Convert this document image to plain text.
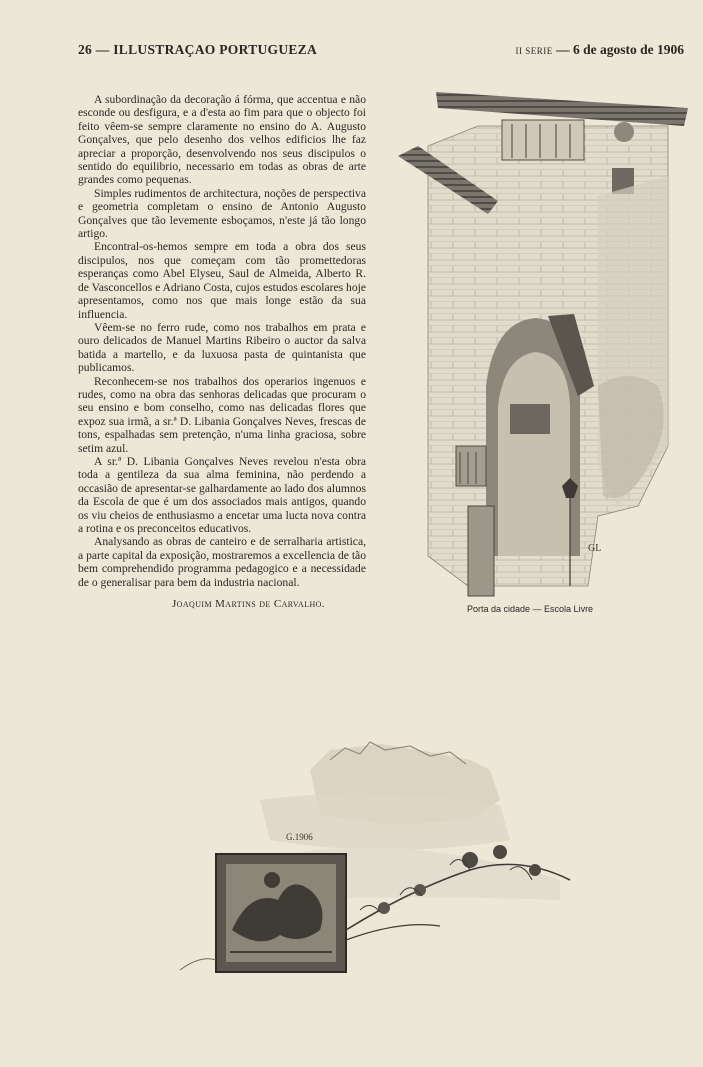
26 — ILLUSTRAÇAO PORTUGUEZA	II SERIE — 6 de agosto de 1906

A subordinação da decoração á fórma, que accentua e não esconde ou desfigura, e a d'esta ao fim para que o objecto foi feito vêem-se sempre claramente no ensino do A. Augusto Gonçalves, que pelo desenho dos velhos edificios lhe faz apreciar a proporção, desenvolvendo nos seus discipulos o sentido do equilibrio, necessario em todas as obras de arte grandes como pequenas.

Simples rudimentos de architectura, noções de perspectiva e geometria completam o ensino de Antonio Augusto Gonçalves que tão levemente esboçamos, n'este já tão longo artigo.

Encontral-os-hemos sempre em toda a obra dos seus discipulos, nos que começam com tão promettedoras esperanças como Abel Elyseu, Saul de Almeida, Alberto R. de Vasconcellos e Adriano Costa, cujos estudos escolares hoje apresentamos, como nos que mais longe estão da sua influencia.

Vêem-se no ferro rude, como nos trabalhos em prata e ouro delicados de Manuel Martins Ribeiro o auctor da salva batida a martello, e da luxuosa pasta de quintanista que publicamos.

Reconhecem-se nos trabalhos dos operarios ingenuos e rudes, como na obra das senhoras delicadas que procuram o seu ensino e bom conselho, como nas delicadas flores que expoz sua irmã, a sr.ª D. Libania Gonçalves Neves, frescas de tons, espalhadas sem pretenção, n'uma linha graciosa, sobre setim azul.

A sr.ª D. Libania Gonçalves Neves revelou n'esta obra toda a gentileza da sua alma feminina, não perdendo a occasião de apresentar-se galhardamente ao lado dos alumnos da Escola de que é um dos associados mais antigos, quando os viu cheios de enthusiasmo a encetar uma lucta nova contra a rotina e os preconceitos educativos.

Analysando as obras de canteiro e de serralharia artistica, a parte capital da exposição, mostraremos a excellencia de tão bem comprehendido programma pedagogico e a necessidade de o generalisar para bem da industria nacional.

Joaquim Martins de Carvalho.
GL
Porta da cidade — Escola Livre
G.1906
